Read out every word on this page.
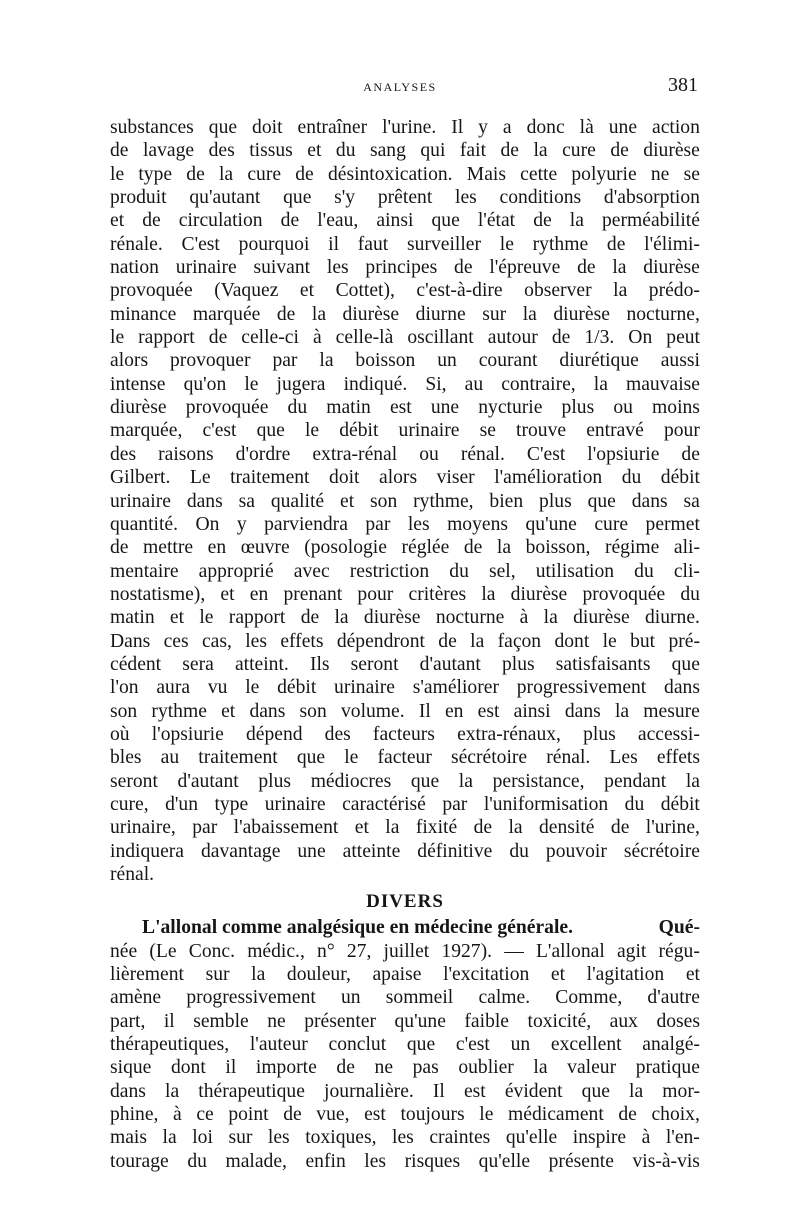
ANALYSES	381
substances que doit entraîner l'urine. Il y a donc là une action
de lavage des tissus et du sang qui fait de la cure de diurèse
le type de la cure de désintoxication. Mais cette polyurie ne se
produit qu'autant que s'y prêtent les conditions d'absorption
et de circulation de l'eau, ainsi que l'état de la perméabilité
rénale. C'est pourquoi il faut surveiller le rythme de l'élimi-
nation urinaire suivant les principes de l'épreuve de la diurèse
provoquée (Vaquez et Cottet), c'est-à-dire observer la prédo-
minance marquée de la diurèse diurne sur la diurèse nocturne,
le rapport de celle-ci à celle-là oscillant autour de 1/3. On peut
alors provoquer par la boisson un courant diurétique aussi
intense qu'on le jugera indiqué. Si, au contraire, la mauvaise
diurèse provoquée du matin est une nycturie plus ou moins
marquée, c'est que le débit urinaire se trouve entravé pour
des raisons d'ordre extra-rénal ou rénal. C'est l'opsiurie de
Gilbert. Le traitement doit alors viser l'amélioration du débit
urinaire dans sa qualité et son rythme, bien plus que dans sa
quantité. On y parviendra par les moyens qu'une cure permet
de mettre en œuvre (posologie réglée de la boisson, régime ali-
mentaire approprié avec restriction du sel, utilisation du cli-
nostatisme), et en prenant pour critères la diurèse provoquée du
matin et le rapport de la diurèse nocturne à la diurèse diurne.
Dans ces cas, les effets dépendront de la façon dont le but pré-
cédent sera atteint. Ils seront d'autant plus satisfaisants que
l'on aura vu le débit urinaire s'améliorer progressivement dans
son rythme et dans son volume. Il en est ainsi dans la mesure
où l'opsiurie dépend des facteurs extra-rénaux, plus accessi-
bles au traitement que le facteur sécrétoire rénal. Les effets
seront d'autant plus médiocres que la persistance, pendant la
cure, d'un type urinaire caractérisé par l'uniformisation du débit
urinaire, par l'abaissement et la fixité de la densité de l'urine,
indiquera davantage une atteinte définitive du pouvoir sécrétoire
rénal.
DIVERS
L'allonal comme analgésique en médecine générale.	Qué-
née (Le Conc. médic., n° 27, juillet 1927). — L'allonal agit régu-
lièrement sur la douleur, apaise l'excitation et l'agitation et
amène progressivement un sommeil calme. Comme, d'autre
part, il semble ne présenter qu'une faible toxicité, aux doses
thérapeutiques, l'auteur conclut que c'est un excellent analgé-
sique dont il importe de ne pas oublier la valeur pratique
dans la thérapeutique journalière. Il est évident que la mor-
phine, à ce point de vue, est toujours le médicament de choix,
mais la loi sur les toxiques, les craintes qu'elle inspire à l'en-
tourage du malade, enfin les risques qu'elle présente vis-à-vis
